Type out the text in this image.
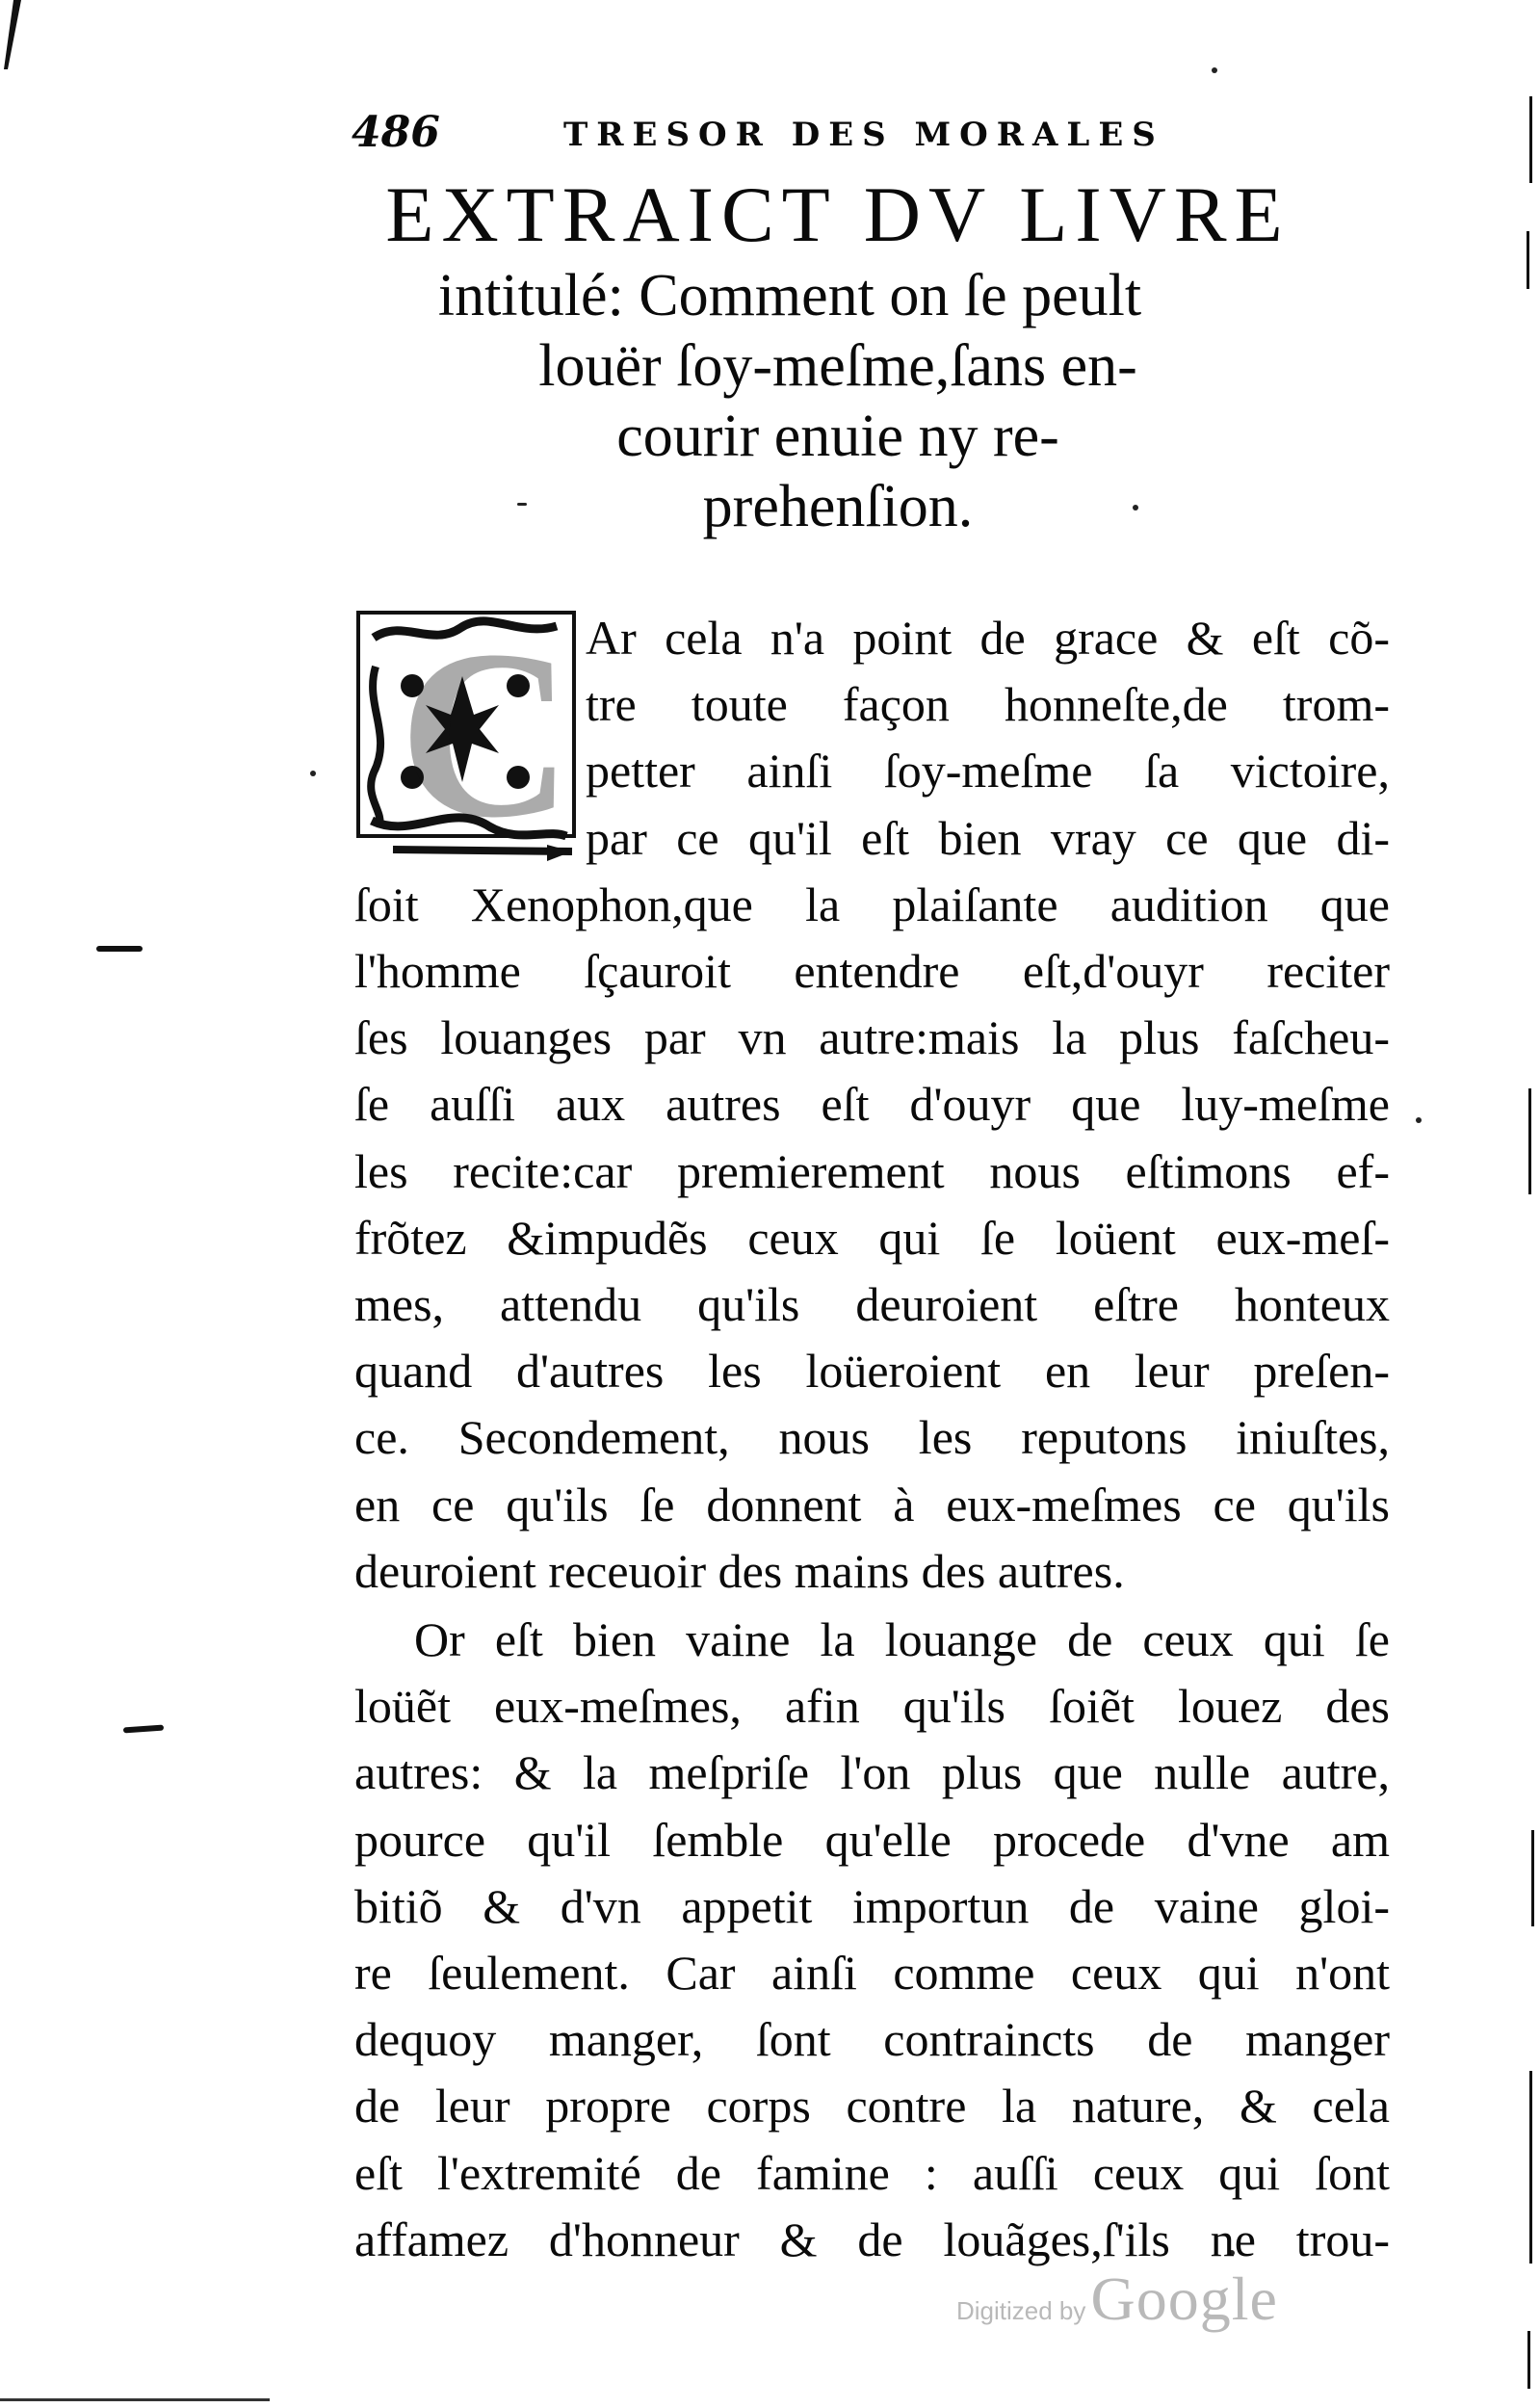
486	TRESOR DES MORALES
EXTRAICT DV LIVRE
intitulé: Comment on ſe peult
louër ſoy-meſme,ſans en-
courir enuie ny re-
prehenſion.
C Ar cela n'a point de grace & eſt cõ-
tre toute façon honneſte,de trom-
petter ainſi ſoy-meſme ſa victoire,
par ce qu'il eſt bien vray ce que di-
ſoit Xenophon,que la plaiſante audition que
l'homme ſçauroit entendre eſt,d'ouyr reciter
ſes louanges par vn autre:mais la plus faſcheu-
ſe auſſi aux autres eſt d'ouyr que luy-meſme
les recite:car premierement nous eſtimons ef-
frõtez &impudẽs ceux qui ſe loüent eux-meſ-
mes, attendu qu'ils deuroient eſtre honteux
quand d'autres les loüeroient en leur preſen-
ce. Secondement, nous les reputons iniuſtes,
en ce qu'ils ſe donnent à eux-meſmes ce qu'ils
deuroient receuoir des mains des autres.
Or eſt bien vaine la louange de ceux qui ſe
loüẽt eux-meſmes, afin qu'ils ſoiẽt louez des
autres: & la meſpriſe l'on plus que nulle autre,
pource qu'il ſemble qu'elle procede d'vne am
bitiõ & d'vn appetit importun de vaine gloi-
re ſeulement. Car ainſi comme ceux qui n'ont
dequoy manger, ſont contraincts de manger
de leur propre corps contre la nature, & cela
eſt l'extremité de famine : auſſi ceux qui ſont
affamez d'honneur & de louãges,ſ'ils ne trou-
Digitized by Google
